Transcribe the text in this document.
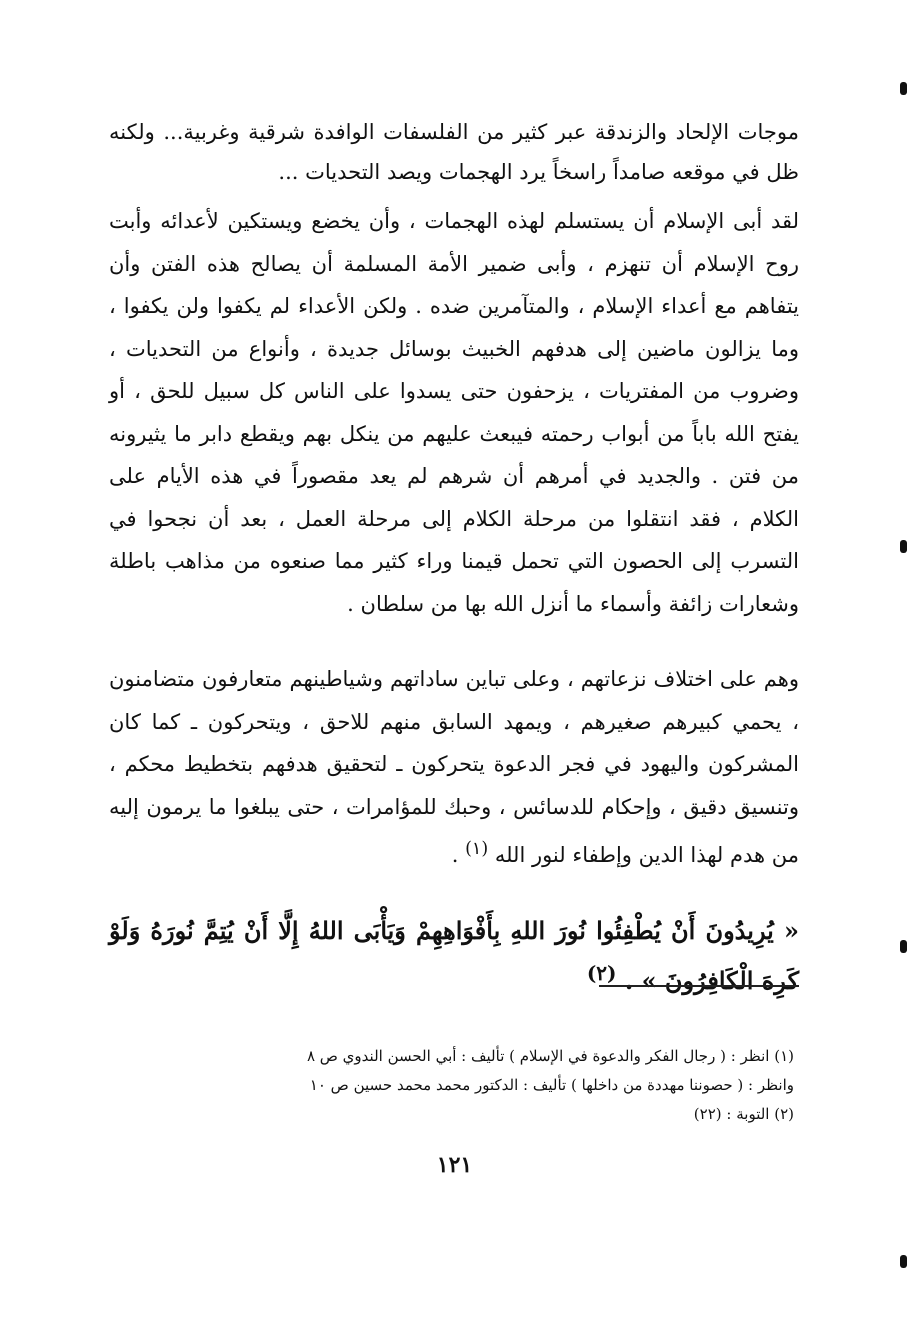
موجات الإلحاد والزندقة عبر كثير من الفلسفات الوافدة شرقية وغربية... ولكنه ظل في موقعه صامداً راسخاً يرد الهجمات ويصد التحديات ...

لقد أبى الإسلام أن يستسلم لهذه الهجمات ، وأن يخضع ويستكين لأعدائه وأبت روح الإسلام أن تنهزم ، وأبى ضمير الأمة المسلمة أن يصالح هذه الفتن وأن يتفاهم مع أعداء الإسلام ، والمتآمرين ضده . ولكن الأعداء لم يكفوا ولن يكفوا ، وما يزالون ماضين إلى هدفهم الخبيث بوسائل جديدة ، وأنواع من التحديات ، وضروب من المفتريات ، يزحفون حتى يسدوا على الناس كل سبيل للحق ، أو يفتح الله باباً من أبواب رحمته فيبعث عليهم من ينكل بهم ويقطع دابر ما يثيرونه من فتن . والجديد في أمرهم أن شرهم لم يعد مقصوراً في هذه الأيام على الكلام ، فقد انتقلوا من مرحلة الكلام إلى مرحلة العمل ، بعد أن نجحوا في التسرب إلى الحصون التي تحمل قيمنا وراء كثير مما صنعوه من مذاهب باطلة وشعارات زائفة وأسماء ما أنزل الله بها من سلطان .

وهم على اختلاف نزعاتهم ، وعلى تباين ساداتهم وشياطينهم متعارفون متضامنون ، يحمي كبيرهم صغيرهم ، ويمهد السابق منهم للاحق ، ويتحركون ـ كما كان المشركون واليهود في فجر الدعوة يتحركون ـ لتحقيق هدفهم بتخطيط محكم ، وتنسيق دقيق ، وإحكام للدسائس ، وحبك للمؤامرات ، حتى يبلغوا ما يرمون إليه من هدم لهذا الدين وإطفاء لنور الله $^{(١)}$ .

« يُرِيدُونَ أَنْ يُطْفِئُوا نُورَ اللهِ بِأَفْوَاهِهِمْ وَيَأْبَى اللهُ إِلَّا أَنْ يُتِمَّ نُورَهُ وَلَوْ كَرِهَ الْكَافِرُونَ » . $^{(٢)}$

(١) انظر : ( رجال الفكر والدعوة في الإسلام ) تأليف : أبي الحسن الندوي ص ٨

وانظر : ( حصوننا مهددة من داخلها ) تأليف : الدكتور محمد محمد حسين ص ١٠

(٢) التوبة : (٢٢)

١٢١
